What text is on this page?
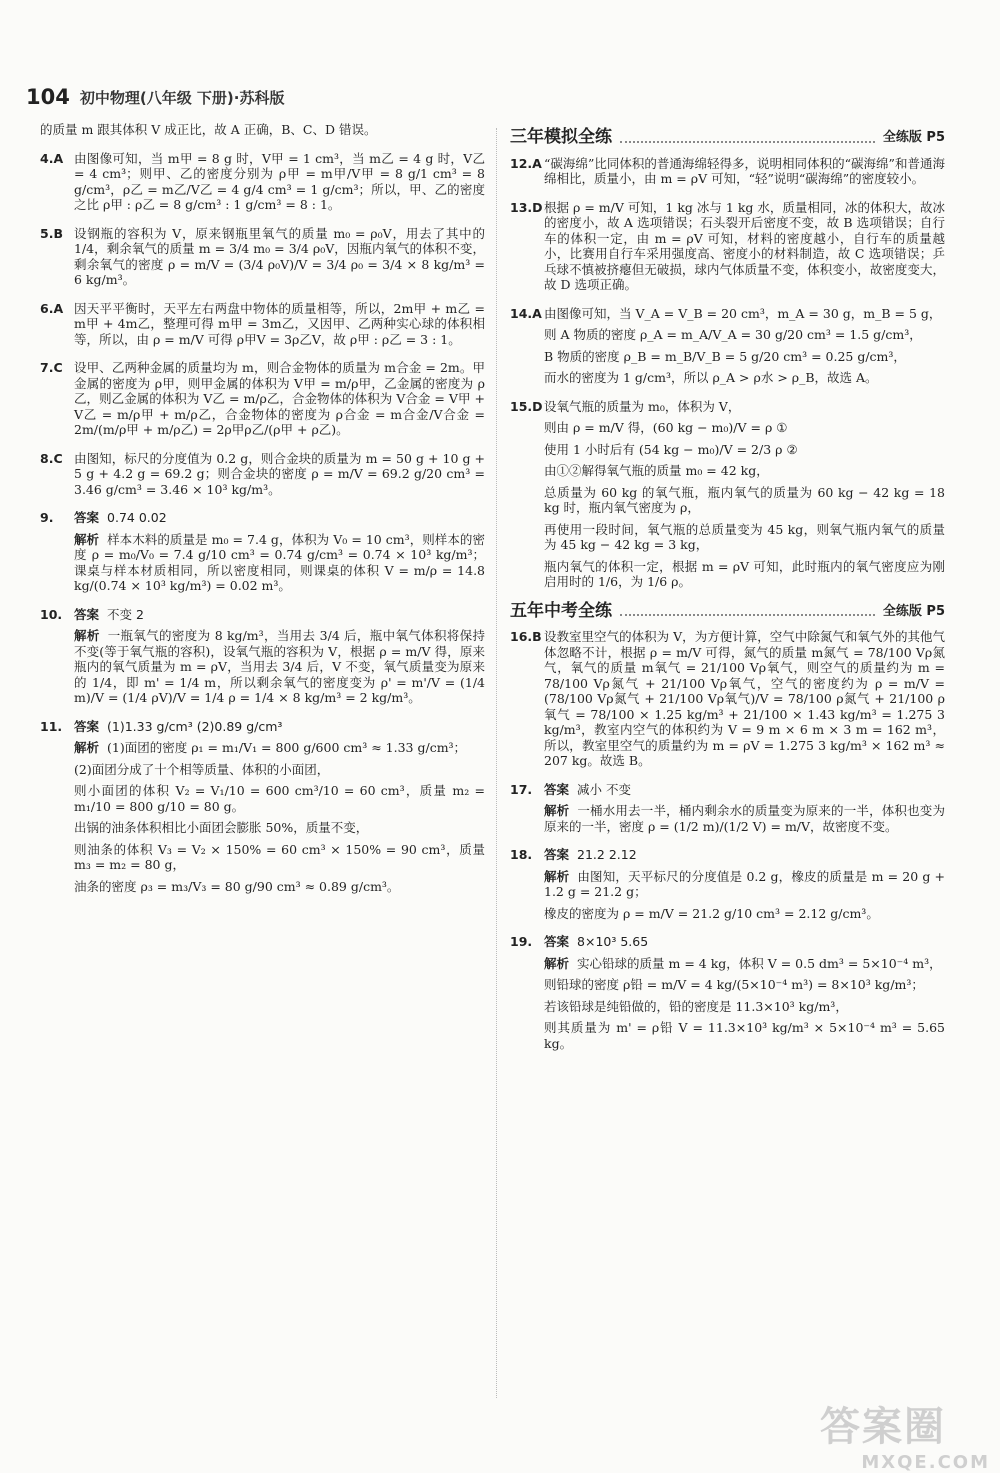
104 初中物理(八年级 下册)·苏科版

的质量 m 跟其体积 V 成正比，故 A 正确，B、C、D 错误。

4.A 由图像可知，当 m甲 = 8 g 时，V甲 = 1 cm³，当 m乙 = 4 g 时，V乙 = 4 cm³；则甲、乙的密度分别为 ρ甲 = m甲/V甲 = 8 g/1 cm³ = 8 g/cm³，ρ乙 = m乙/V乙 = 4 g/4 cm³ = 1 g/cm³；所以，甲、乙的密度之比 ρ甲 : ρ乙 = 8 g/cm³ : 1 g/cm³ = 8 : 1。

5.B 设钢瓶的容积为 V，原来钢瓶里氧气的质量 m₀ = ρ₀V，用去了其中的 1/4，剩余氧气的质量 m = 3/4 m₀ = 3/4 ρ₀V，因瓶内氧气的体积不变，剩余氧气的密度 ρ = m/V = (3/4 ρ₀V)/V = 3/4 ρ₀ = 3/4 × 8 kg/m³ = 6 kg/m³。

6.A 因天平平衡时，天平左右两盘中物体的质量相等，所以，2m甲 + m乙 = m甲 + 4m乙，整理可得 m甲 = 3m乙，又因甲、乙两种实心球的体积相等，所以，由 ρ = m/V 可得 ρ甲V = 3ρ乙V，故 ρ甲 : ρ乙 = 3 : 1。

7.C 设甲、乙两种金属的质量均为 m，则合金物体的质量为 m合金 = 2m。甲金属的密度为 ρ甲，则甲金属的体积为 V甲 = m/ρ甲，乙金属的密度为 ρ乙，则乙金属的体积为 V乙 = m/ρ乙，合金物体的体积为 V合金 = V甲 + V乙 = m/ρ甲 + m/ρ乙，合金物体的密度为 ρ合金 = m合金/V合金 = 2m/(m/ρ甲 + m/ρ乙) = 2ρ甲ρ乙/(ρ甲 + ρ乙)。

8.C 由图知，标尺的分度值为 0.2 g，则合金块的质量为 m = 50 g + 10 g + 5 g + 4.2 g = 69.2 g；则合金块的密度 ρ = m/V = 69.2 g/20 cm³ = 3.46 g/cm³ = 3.46 × 10³ kg/m³。

9.	答案 0.74 0.02

解析 样本木料的质量是 m₀ = 7.4 g，体积为 V₀ = 10 cm³，则样本的密度 ρ = m₀/V₀ = 7.4 g/10 cm³ = 0.74 g/cm³ = 0.74 × 10³ kg/m³；课桌与样本材质相同，所以密度相同，则课桌的体积 V = m/ρ = 14.8 kg/(0.74 × 10³ kg/m³) = 0.02 m³。

10. 答案 不变 2

解析 一瓶氧气的密度为 8 kg/m³，当用去 3/4 后，瓶中氧气体积将保持不变(等于氧气瓶的容积)，设氧气瓶的容积为 V，根据 ρ = m/V 得，原来瓶内的氧气质量为 m = ρV，当用去 3/4 后，V 不变，氧气质量变为原来的 1/4，即 m' = 1/4 m，所以剩余氧气的密度变为 ρ' = m'/V = (1/4 m)/V = (1/4 ρV)/V = 1/4 ρ = 1/4 × 8 kg/m³ = 2 kg/m³。

11. 答案 (1)1.33 g/cm³ (2)0.89 g/cm³

解析 (1)面团的密度 ρ₁ = m₁/V₁ = 800 g/600 cm³ ≈ 1.33 g/cm³；

(2)面团分成了十个相等质量、体积的小面团，

则小面团的体积 V₂ = V₁/10 = 600 cm³/10 = 60 cm³，质量 m₂ = m₁/10 = 800 g/10 = 80 g。

出锅的油条体积相比小面团会膨胀 50%，质量不变，

则油条的体积 V₃ = V₂ × 150% = 60 cm³ × 150% = 90 cm³，质量 m₃ = m₂ = 80 g，

油条的密度 ρ₃ = m₃/V₃ = 80 g/90 cm³ ≈ 0.89 g/cm³。

三年模拟全练	全练版 P5
12.A “碳海绵”比同体积的普通海绵轻得多，说明相同体积的“碳海绵”和普通海绵相比，质量小，由 m = ρV 可知，“轻”说明“碳海绵”的密度较小。

13.D 根据 ρ = m/V 可知，1 kg 冰与 1 kg 水，质量相同，冰的体积大，故冰的密度小，故 A 选项错误；石头裂开后密度不变，故 B 选项错误；自行车的体积一定，由 m = ρV 可知，材料的密度越小，自行车的质量越小，比赛用自行车采用强度高、密度小的材料制造，故 C 选项错误；乒乓球不慎被挤瘪但无破损，球内气体质量不变，体积变小，故密度变大，故 D 选项正确。

14.A 由图像可知，当 V_A = V_B = 20 cm³，m_A = 30 g，m_B = 5 g，

则 A 物质的密度 ρ_A = m_A/V_A = 30 g/20 cm³ = 1.5 g/cm³，

B 物质的密度 ρ_B = m_B/V_B = 5 g/20 cm³ = 0.25 g/cm³，

而水的密度为 1 g/cm³，所以 ρ_A > ρ水 > ρ_B，故选 A。

15.D 设氧气瓶的质量为 m₀，体积为 V，

则由 ρ = m/V 得，(60 kg − m₀)/V = ρ ①

使用 1 小时后有 (54 kg − m₀)/V = 2/3 ρ ②

由①②解得氧气瓶的质量 m₀ = 42 kg，

总质量为 60 kg 的氧气瓶，瓶内氧气的质量为 60 kg − 42 kg = 18 kg 时，瓶内氧气密度为 ρ，

再使用一段时间，氧气瓶的总质量变为 45 kg，则氧气瓶内氧气的质量为 45 kg − 42 kg = 3 kg，

瓶内氧气的体积一定，根据 m = ρV 可知，此时瓶内的氧气密度应为刚启用时的 1/6，为 1/6 ρ。

五年中考全练	全练版 P5
16.B 设教室里空气的体积为 V，为方便计算，空气中除氮气和氧气外的其他气体忽略不计，根据 ρ = m/V 可得，氮气的质量 m氮气 = 78/100 Vρ氮气，氧气的质量 m氧气 = 21/100 Vρ氧气，则空气的质量约为 m = 78/100 Vρ氮气 + 21/100 Vρ氧气，空气的密度约为 ρ = m/V = (78/100 Vρ氮气 + 21/100 Vρ氧气)/V = 78/100 ρ氮气 + 21/100 ρ氧气 = 78/100 × 1.25 kg/m³ + 21/100 × 1.43 kg/m³ = 1.275 3 kg/m³，教室内空气的体积约为 V = 9 m × 6 m × 3 m = 162 m³，所以，教室里空气的质量约为 m = ρV = 1.275 3 kg/m³ × 162 m³ ≈ 207 kg。故选 B。

17. 答案 减小 不变

解析 一桶水用去一半，桶内剩余水的质量变为原来的一半，体积也变为原来的一半，密度 ρ = (1/2 m)/(1/2 V) = m/V，故密度不变。

18. 答案 21.2 2.12

解析 由图知，天平标尺的分度值是 0.2 g，橡皮的质量是 m = 20 g + 1.2 g = 21.2 g；

橡皮的密度为 ρ = m/V = 21.2 g/10 cm³ = 2.12 g/cm³。

19. 答案 8×10³ 5.65

解析 实心铅球的质量 m = 4 kg，体积 V = 0.5 dm³ = 5×10⁻⁴ m³，

则铅球的密度 ρ铅 = m/V = 4 kg/(5×10⁻⁴ m³) = 8×10³ kg/m³；

若该铅球是纯铅做的，铅的密度是 11.3×10³ kg/m³，

则其质量为 m' = ρ铅 V = 11.3×10³ kg/m³ × 5×10⁻⁴ m³ = 5.65 kg。

答案圈
MXQE.COM
